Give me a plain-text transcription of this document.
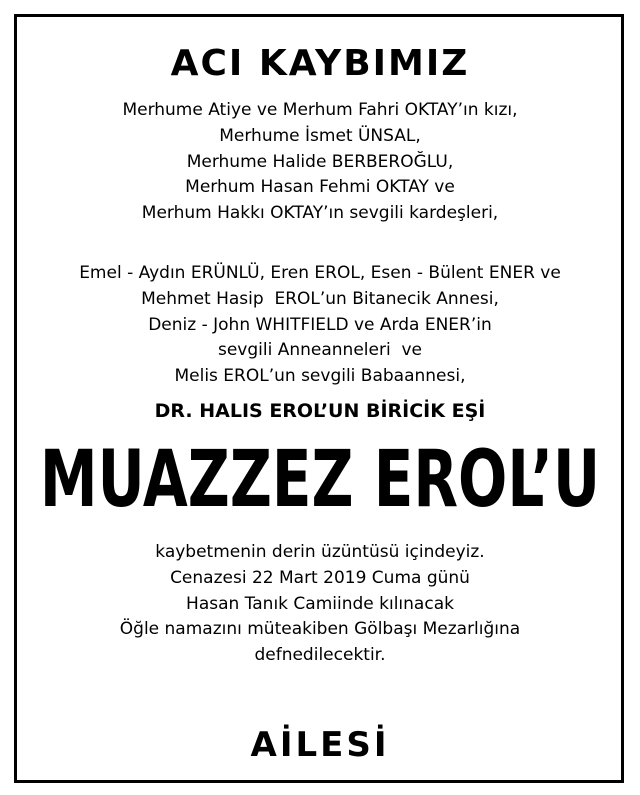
ACI KAYBIMIZ
Merhume Atiye ve Merhum Fahri OKTAY’ın kızı,
Merhume İsmet ÜNSAL,
Merhume Halide BERBEROĞLU,
Merhum Hasan Fehmi OKTAY ve
Merhum Hakkı OKTAY’ın sevgili kardeşleri,
Emel - Aydın ERÜNLÜ, Eren EROL, Esen - Bülent ENER ve
Mehmet Hasip  EROL’un Bitanecik Annesi,
Deniz - John WHITFIELD ve Arda ENER’in
sevgili Anneanneleri  ve
Melis EROL’un sevgili Babaannesi,
DR. HALIS EROL’UN BİRİCİK EŞİ
MUAZZEZ EROL’U
kaybetmenin derin üzüntüsü içindeyiz.
Cenazesi 22 Mart 2019 Cuma günü
Hasan Tanık Camiinde kılınacak
Öğle namazını müteakiben Gölbaşı Mezarlığına
defnedilecektir.
AİLESİ
